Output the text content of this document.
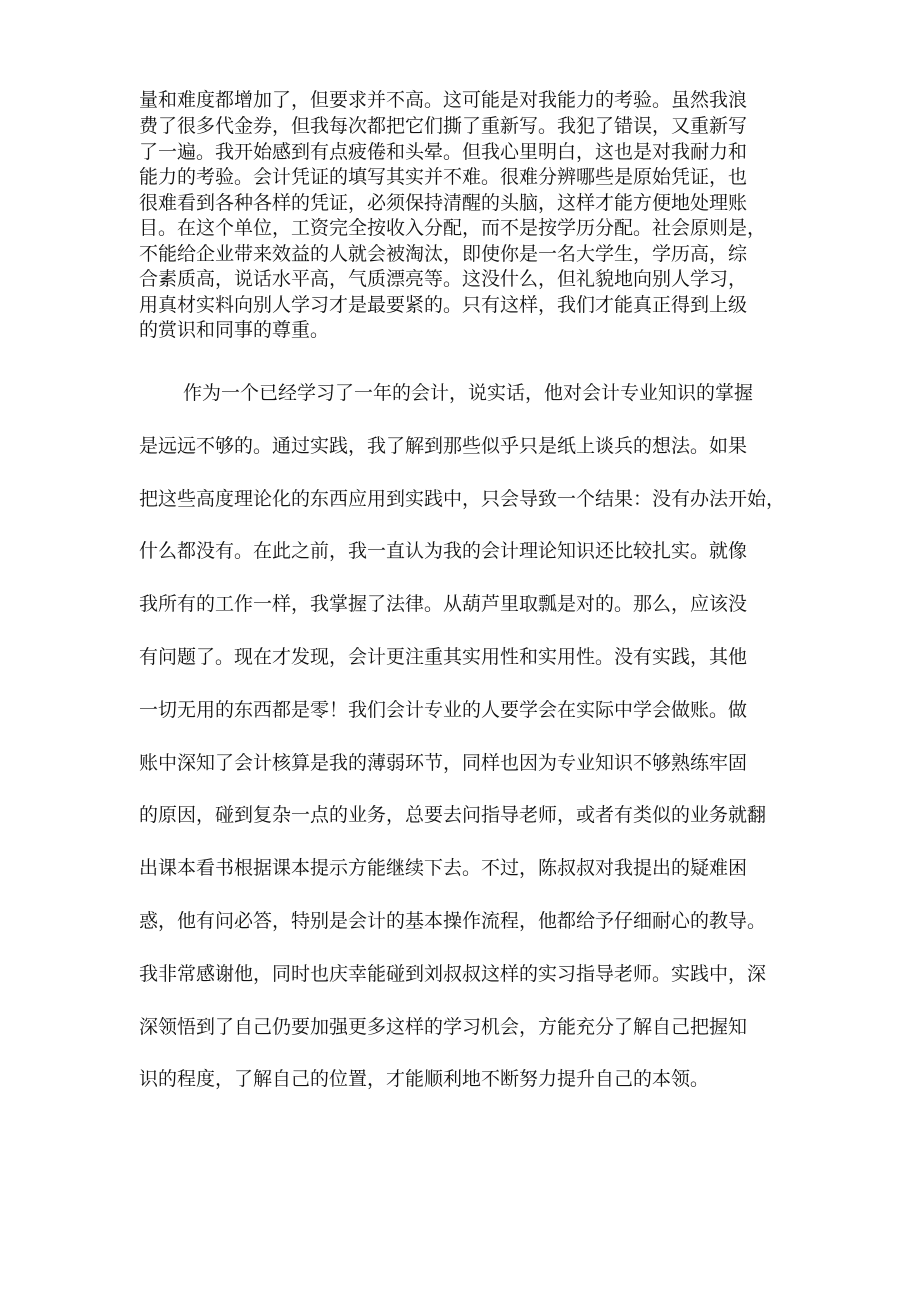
量和难度都增加了，但要求并不高。这可能是对我能力的考验。虽然我浪

费了很多代金券，但我每次都把它们撕了重新写。我犯了错误，又重新写

了一遍。我开始感到有点疲倦和头晕。但我心里明白，这也是对我耐力和

能力的考验。会计凭证的填写其实并不难。很难分辨哪些是原始凭证，也

很难看到各种各样的凭证，必须保持清醒的头脑，这样才能方便地处理账

目。在这个单位，工资完全按收入分配，而不是按学历分配。社会原则是，

不能给企业带来效益的人就会被淘汰，即使你是一名大学生，学历高，综

合素质高，说话水平高，气质漂亮等。这没什么，但礼貌地向别人学习，

用真材实料向别人学习才是最要紧的。只有这样，我们才能真正得到上级

的赏识和同事的尊重。

作为一个已经学习了一年的会计，说实话，他对会计专业知识的掌握

是远远不够的。通过实践，我了解到那些似乎只是纸上谈兵的想法。如果

把这些高度理论化的东西应用到实践中，只会导致一个结果：没有办法开始，

什么都没有。在此之前，我一直认为我的会计理论知识还比较扎实。就像

我所有的工作一样，我掌握了法律。从葫芦里取瓢是对的。那么，应该没

有问题了。现在才发现，会计更注重其实用性和实用性。没有实践，其他

一切无用的东西都是零！我们会计专业的人要学会在实际中学会做账。做

账中深知了会计核算是我的薄弱环节，同样也因为专业知识不够熟练牢固

的原因，碰到复杂一点的业务，总要去问指导老师，或者有类似的业务就翻

出课本看书根据课本提示方能继续下去。不过，陈叔叔对我提出的疑难困

惑，他有问必答，特别是会计的基本操作流程，他都给予仔细耐心的教导。

我非常感谢他，同时也庆幸能碰到刘叔叔这样的实习指导老师。实践中，深

深领悟到了自己仍要加强更多这样的学习机会，方能充分了解自己把握知

识的程度，了解自己的位置，才能顺利地不断努力提升自己的本领。
